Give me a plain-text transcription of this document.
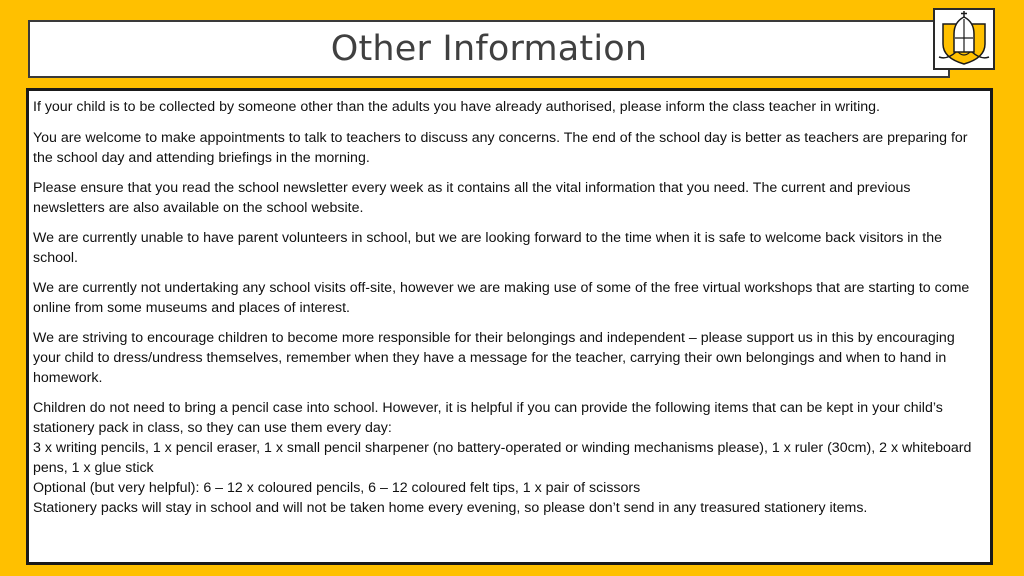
Other Information

If your child is to be collected by someone other than the adults you have already authorised, please inform the class teacher in writing.

You are welcome to make appointments to talk to teachers to discuss any concerns. The end of the school day is better as teachers are preparing for the school day and attending briefings in the morning.

Please ensure that you read the school newsletter every week as it contains all the vital information that you need. The current and previous newsletters are also available on the school website.

We are currently unable to have parent volunteers in school, but we are looking forward to the time when it is safe to welcome back visitors in the school.

We are currently not undertaking any school visits off-site, however we are making use of some of the free virtual workshops that are starting to come online from some museums and places of interest.

We are striving to encourage children to become more responsible for their belongings and independent – please support us in this by encouraging your child to dress/undress themselves, remember when they have a message for the teacher, carrying their own belongings and when to hand in homework.

Children do not need to bring a pencil case into school. However, it is helpful if you can provide the following items that can be kept in your child’s stationery pack in class, so they can use them every day:
3 x writing pencils, 1 x pencil eraser, 1 x small pencil sharpener (no battery-operated or winding mechanisms please), 1 x ruler (30cm), 2 x whiteboard pens, 1 x glue stick
Optional (but very helpful): 6 – 12 x coloured pencils, 6 – 12 coloured felt tips, 1 x pair of scissors
Stationery packs will stay in school and will not be taken home every evening, so please don’t send in any treasured stationery items.
